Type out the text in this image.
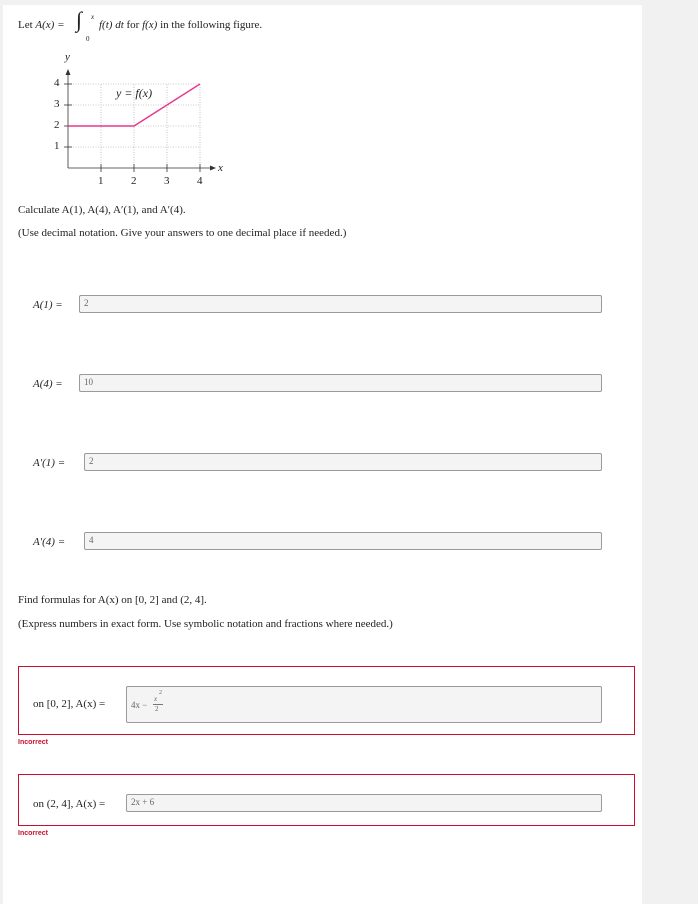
Let A(x) = ∫ x
0
f(t) dt for f(x) in the following figure.
y
x
y = f(x)
1	2	3	4
1
2
3
4
Calculate A(1), A(4), A′(1), and A′(4).
(Use decimal notation. Give your answers to one decimal place if needed.)
A(1) = 2
A(4) = 10
A′(1) =	2
A′(4) =	4
Find formulas for A(x) on [0, 2] and (2, 4].
(Express numbers in exact form. Use symbolic notation and fractions where needed.)
on [0, 2], A(x) =	4x −
x
2
2
Incorrect
on (2, 4], A(x) =	2x + 6
Incorrect
